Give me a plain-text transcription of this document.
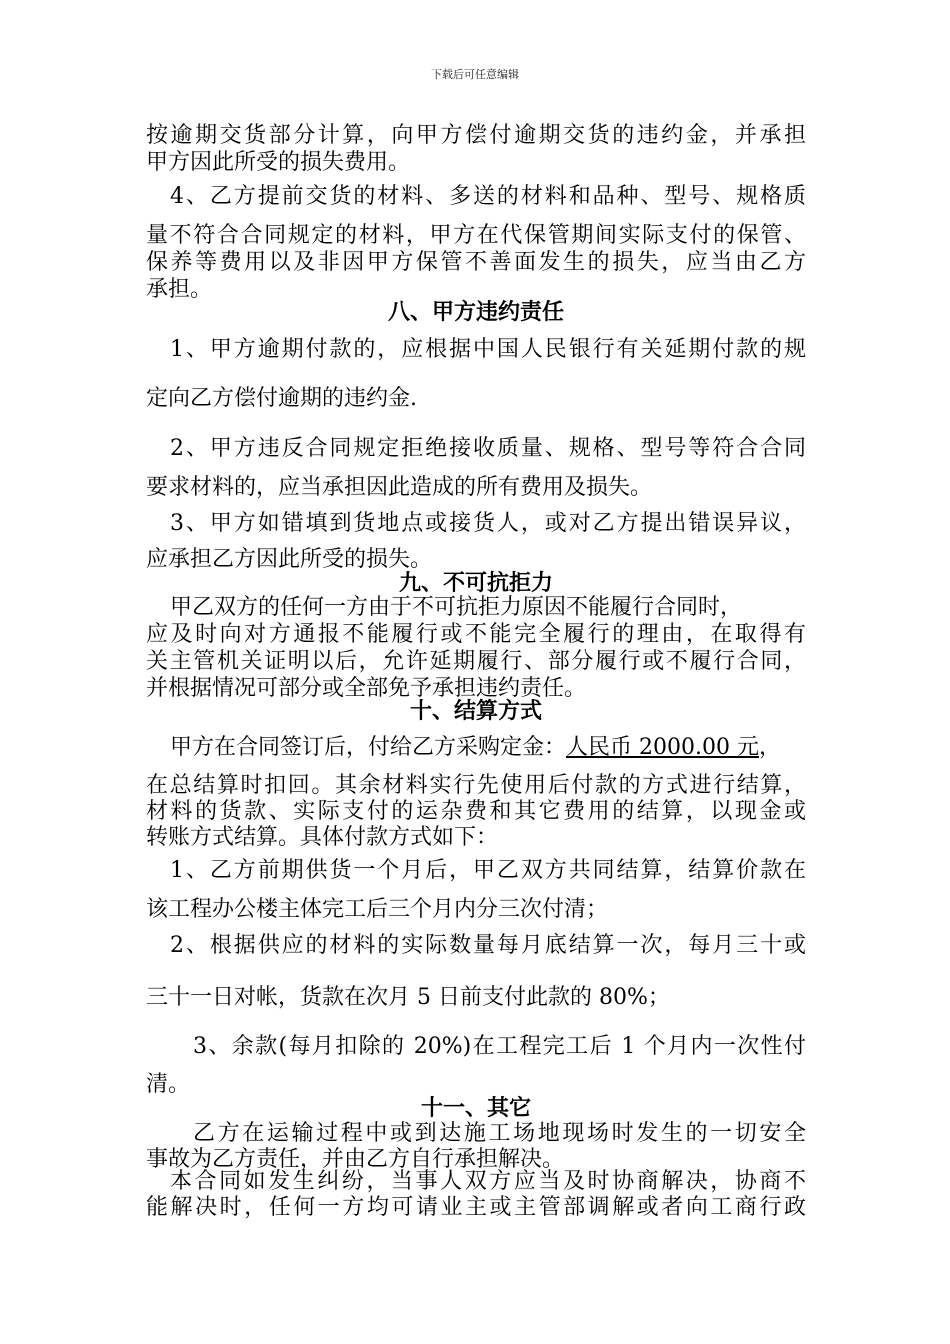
下载后可任意编辑
按逾期交货部分计算，向甲方偿付逾期交货的违约金，并承担
甲方因此所受的损失费用。
4、乙方提前交货的材料、多送的材料和品种、型号、规格质
量不符合合同规定的材料，甲方在代保管期间实际支付的保管、
保养等费用以及非因甲方保管不善面发生的损失，应当由乙方
承担。
八、甲方违约责任
1、甲方逾期付款的，应根据中国人民银行有关延期付款的规
定向乙方偿付逾期的违约金.
2、甲方违反合同规定拒绝接收质量、规格、型号等符合合同
要求材料的，应当承担因此造成的所有费用及损失。
3、甲方如错填到货地点或接货人，或对乙方提出错误异议，
应承担乙方因此所受的损失。
九、不可抗拒力
甲乙双方的任何一方由于不可抗拒力原因不能履行合同时，
应及时向对方通报不能履行或不能完全履行的理由，在取得有
关主管机关证明以后，允许延期履行、部分履行或不履行合同，
并根据情况可部分或全部免予承担违约责任。
十、结算方式
甲方在合同签订后，付给乙方采购定金：人民币 2000.00 元，
在总结算时扣回。其余材料实行先使用后付款的方式进行结算，
材料的货款、实际支付的运杂费和其它费用的结算，以现金或
转账方式结算。具体付款方式如下：
1、乙方前期供货一个月后，甲乙双方共同结算，结算价款在
该工程办公楼主体完工后三个月内分三次付清；
2、根据供应的材料的实际数量每月底结算一次，每月三十或
三十一日对帐，货款在次月 5 日前支付此款的 80%；
3、余款(每月扣除的 20%)在工程完工后 1 个月内一次性付
清。
十一、其它
乙方在运输过程中或到达施工场地现场时发生的一切安全
事故为乙方责任，并由乙方自行承担解决。
本合同如发生纠纷，当事人双方应当及时协商解决，协商不
能解决时，任何一方均可请业主或主管部调解或者向工商行政
